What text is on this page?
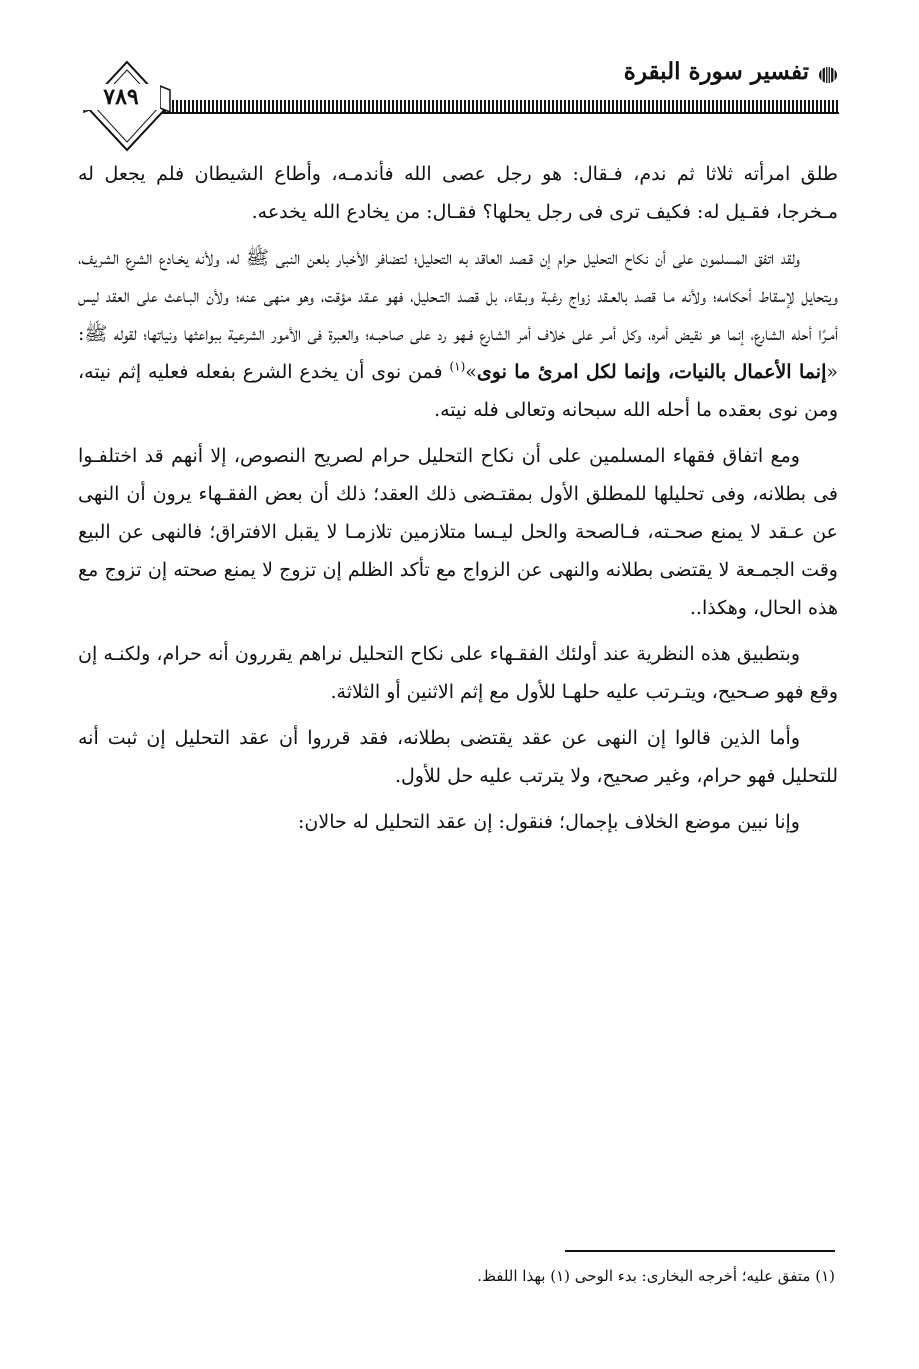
تفسير سورة البقرة
٧٨٩

طلق امرأته ثلاثا ثم ندم، فـقال: هو رجل عصى الله فأندمـه، وأطاع الشيطان فلم يجعل له مـخرجا، فقـيل له: فكيف ترى فى رجل يحلها؟ فقـال: من يخادع الله يخدعه.

ولقد اتفق المسلمون على أن نكاح التحليل حرام إن قـصد العاقد به التحليل؛ لتضافر الأخبار بلعن النبى ﷺ له، ولأنه يخـادع الشرع الشريف، ويتحايل لإسقاط أحكامه؛ ولأنه مـا قصد بالعـقد زواج رغبة وبـقاء، بل قصد التـحليل، فهو عـقد مؤقت، وهو منهى عنه؛ ولأن البـاعث على العقد ليس أمـرًا أحله الشارع، إنما هو نقيض أمره، وكل أمـر على خلاف أمر الشارع فـهو رد على صاحبـه؛ والعبرة فى الأمور الشرعية ببواعثها ونياتها؛ لقوله ﷺ: «إنما الأعمال بالنيات، وإنما لكل امرئ ما نوى»$^{(١)}$ فمن نوى أن يخدع الشرع بفعله فعليه إثم نيته، ومن نوى بعقده ما أحله الله سبحانه وتعالى فله نيته.

ومع اتفاق فقهاء المسلمين على أن نكاح التحليل حرام لصريح النصوص، إلا أنهم قد اختلفـوا فى بطلانه، وفى تحليلها للمطلق الأول بمقتـضى ذلك العقد؛ ذلك أن بعض الفقـهاء يرون أن النهى عن عـقد لا يمنع صحـته، فـالصحة والحل ليـسا متلازمين تلازمـا لا يقبل الافتراق؛ فالنهى عن البيع وقت الجمـعة لا يقتضى بطلانه والنهى عن الزواج مع تأكد الظلم إن تزوج لا يمنع صحته إن تزوج مع هذه الحال، وهكذا..

وبتطبيق هذه النظرية عند أولئك الفقـهاء على نكاح التحليل نراهم يقررون أنه حرام، ولكنـه إن وقع فهو صـحيح، ويتـرتب عليه حلهـا للأول مع إثم الاثنين أو الثلاثة.

وأما الذين قالوا إن النهى عن عقد يقتضى بطلانه، فقد قرروا أن عقد التحليل إن ثبت أنه للتحليل فهو حرام، وغير صحيح، ولا يترتب عليه حل للأول.

وإنا نبين موضع الخلاف بإجمال؛ فنقول: إن عقد التحليل له حالان:

(١) متفق عليه؛ أخرجه البخارى: بدء الوحى (١) بهذا اللفظ.
